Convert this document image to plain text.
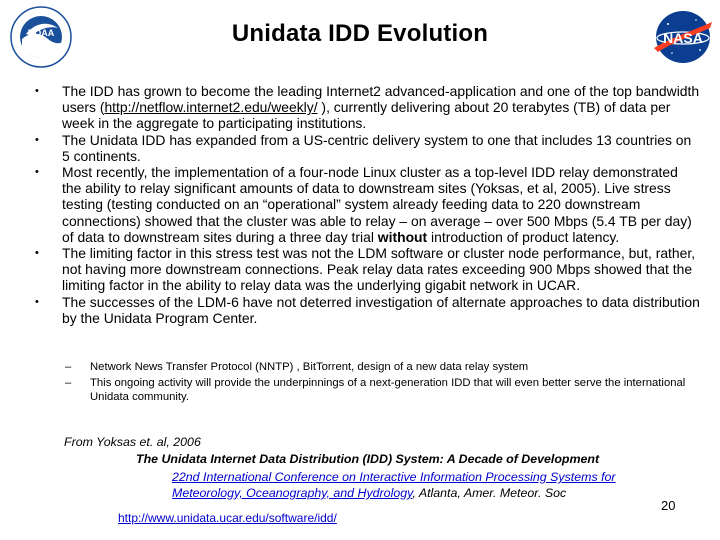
NOAA	NASA
Unidata IDD Evolution
• The IDD has grown to become the leading Internet2 advanced-application and one of the top bandwidth users (http://netflow.internet2.edu/weekly/ ), currently delivering about 20 terabytes (TB) of data per week in the aggregate to participating institutions.
• The Unidata IDD has expanded from a US-centric delivery system to one that includes 13 countries on 5 continents.
• Most recently, the implementation of a four-node Linux cluster as a top-level IDD relay demonstrated the ability to relay significant amounts of data to downstream sites (Yoksas, et al, 2005). Live stress testing (testing conducted on an “operational” system already feeding data to 220 downstream connections) showed that the cluster was able to relay – on average – over 500 Mbps (5.4 TB per day) of data to downstream sites during a three day trial without introduction of product latency.
• The limiting factor in this stress test was not the LDM software or cluster node performance, but, rather, not having more downstream connections. Peak relay data rates exceeding 900 Mbps showed that the limiting factor in the ability to relay data was the underlying gigabit network in UCAR.
• The successes of the LDM-6 have not deterred investigation of alternate approaches to data distribution by the Unidata Program Center.
– Network News Transfer Protocol (NNTP) , BitTorrent, design of a new data relay system
– This ongoing activity will provide the underpinnings of a next-generation IDD that will even better serve the international Unidata community.
From Yoksas et. al, 2006
The Unidata Internet Data Distribution (IDD) System: A Decade of Development
22nd International Conference on Interactive Information Processing Systems for
Meteorology, Oceanography, and Hydrology, Atlanta, Amer. Meteor. Soc
20
http://www.unidata.ucar.edu/software/idd/
